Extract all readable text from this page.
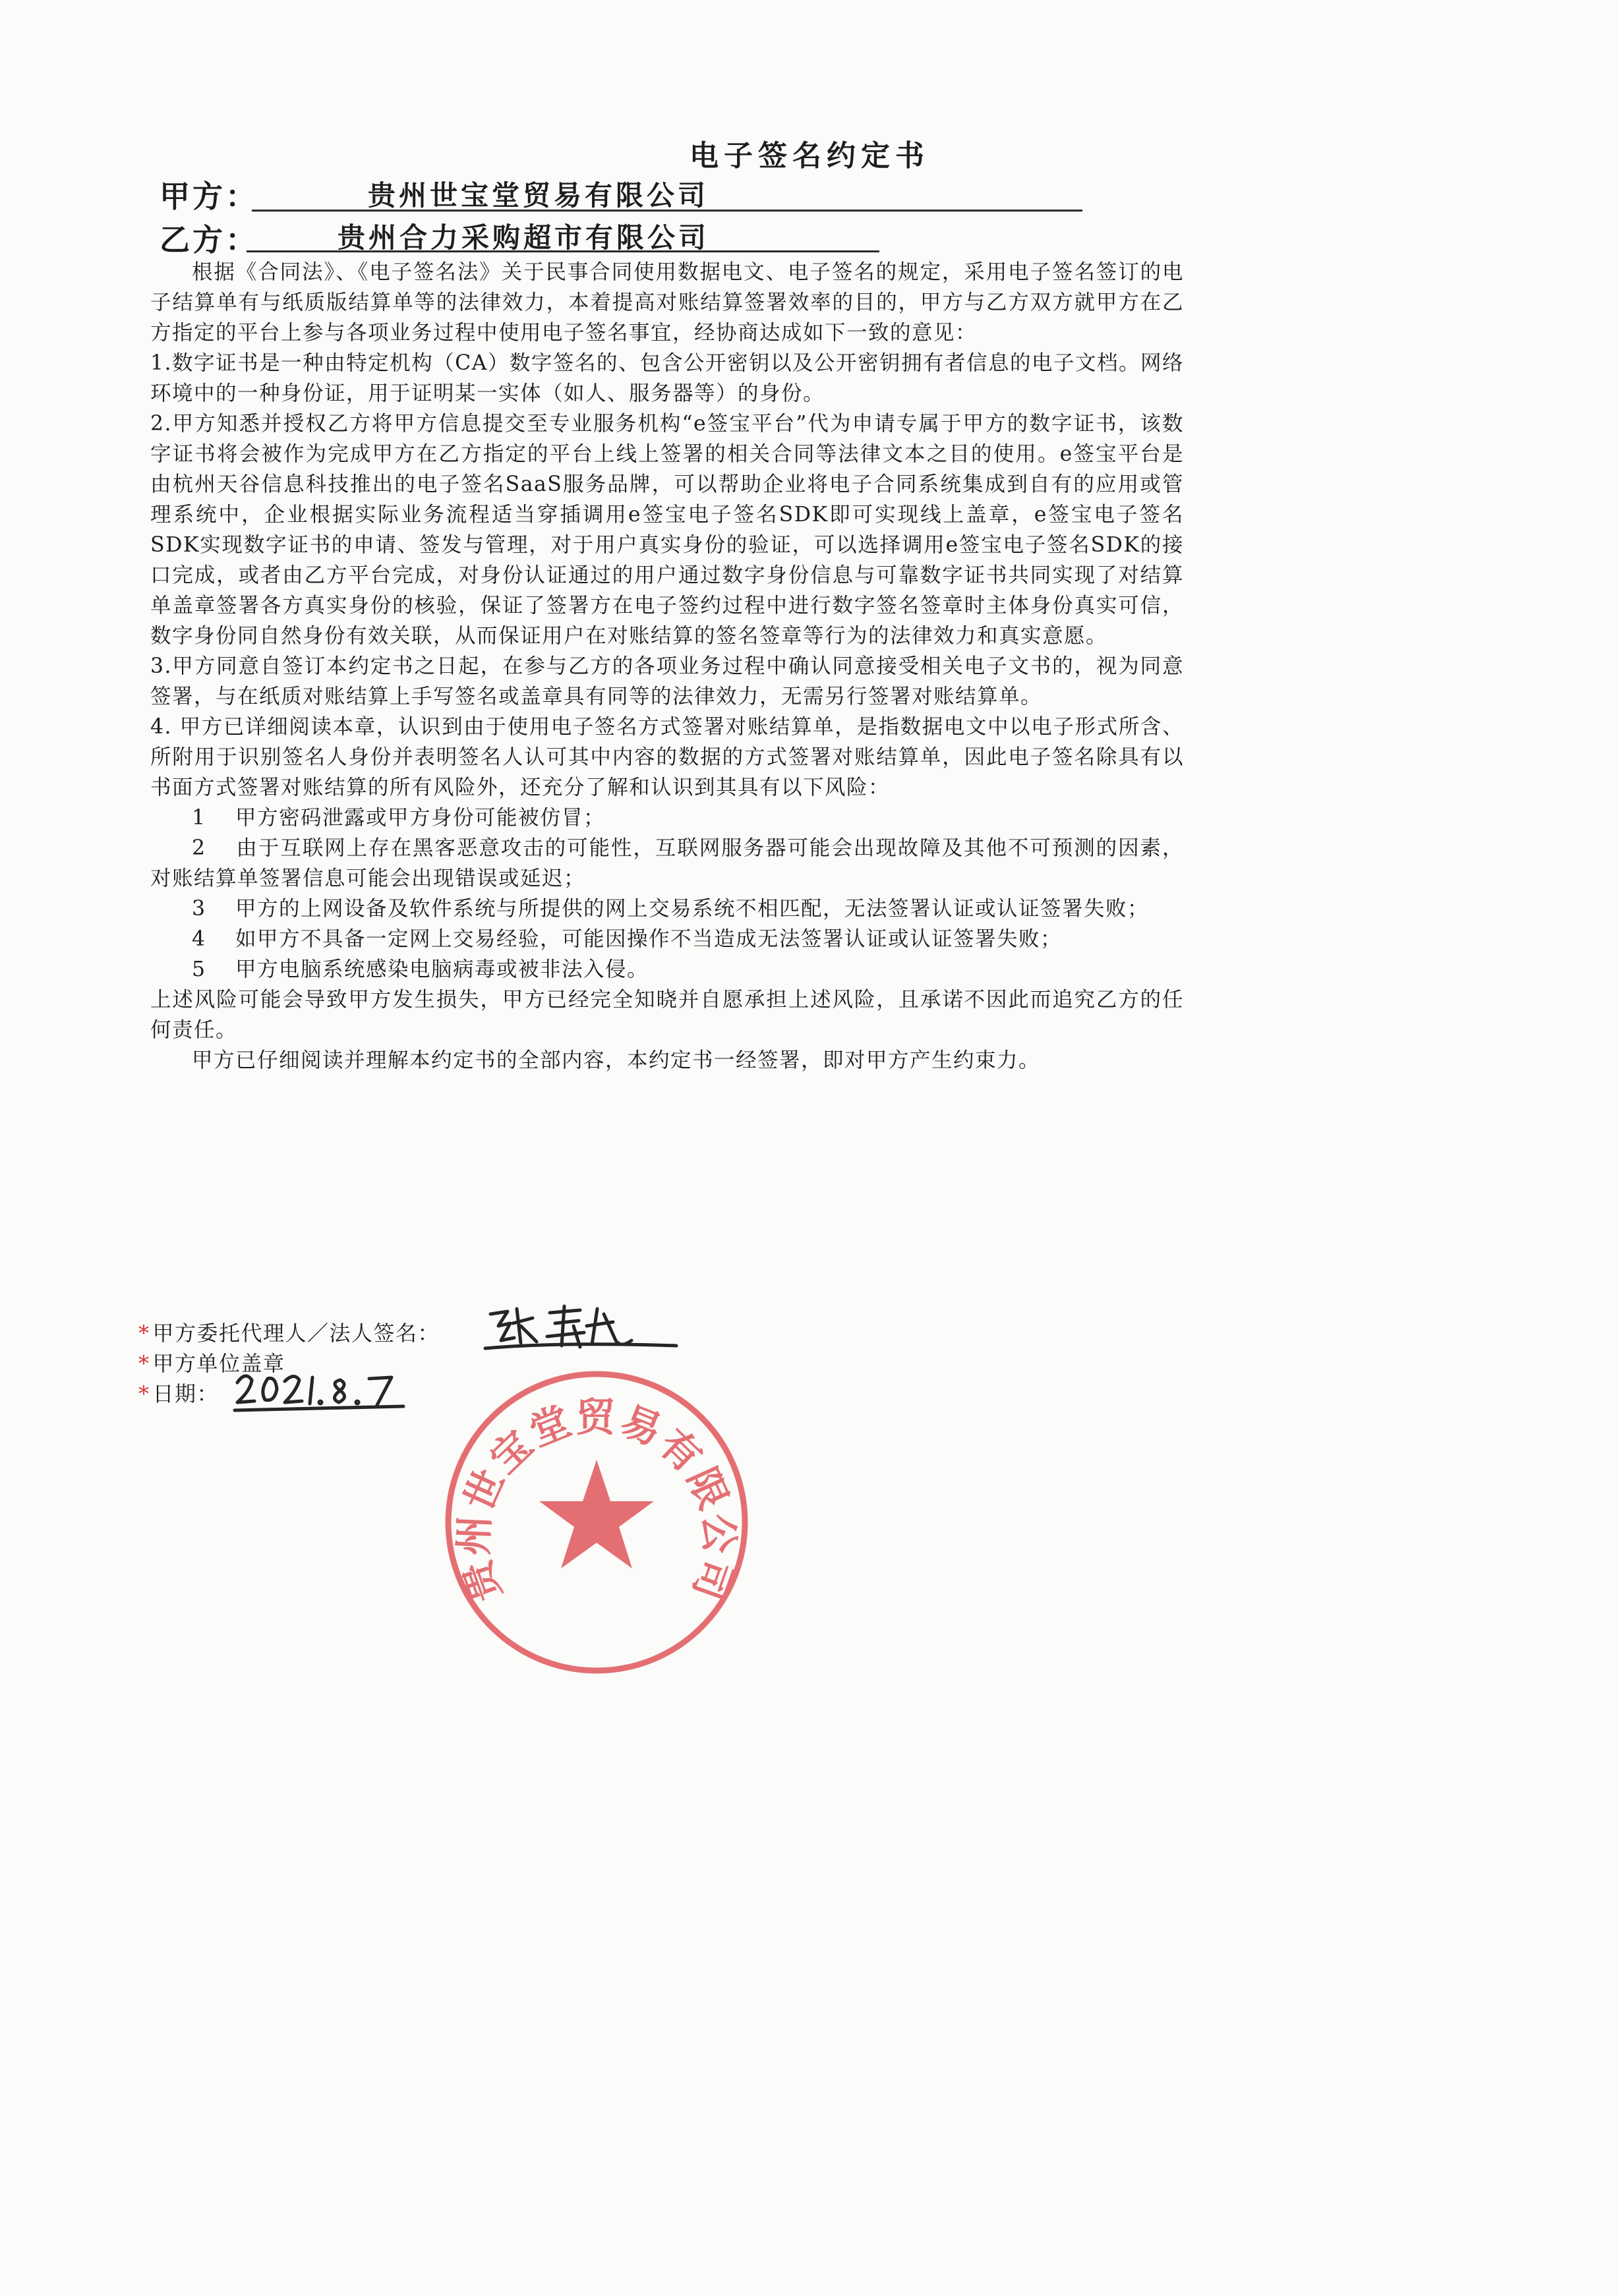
电子签名约定书
甲方：	贵州世宝堂贸易有限公司
乙方：	贵州合力采购超市有限公司

根据《合同法》、《电子签名法》关于民事合同使用数据电文、电子签名的规定，采用电子签名签订的电子结算单有与纸质版结算单等的法律效力，本着提高对账结算签署效率的目的，甲方与乙方双方就甲方在乙方指定的平台上参与各项业务过程中使用电子签名事宜，经协商达成如下一致的意见：

1.数字证书是一种由特定机构（CA）数字签名的、包含公开密钥以及公开密钥拥有者信息的电子文档。网络环境中的一种身份证，用于证明某一实体（如人、服务器等）的身份。

2.甲方知悉并授权乙方将甲方信息提交至专业服务机构“e签宝平台”代为申请专属于甲方的数字证书，该数字证书将会被作为完成甲方在乙方指定的平台上线上签署的相关合同等法律文本之目的使用。e签宝平台是由杭州天谷信息科技推出的电子签名SaaS服务品牌，可以帮助企业将电子合同系统集成到自有的应用或管理系统中，企业根据实际业务流程适当穿插调用e签宝电子签名SDK即可实现线上盖章，e签宝电子签名SDK实现数字证书的申请、签发与管理，对于用户真实身份的验证，可以选择调用e签宝电子签名SDK的接口完成，或者由乙方平台完成，对身份认证通过的用户通过数字身份信息与可靠数字证书共同实现了对结算单盖章签署各方真实身份的核验，保证了签署方在电子签约过程中进行数字签名签章时主体身份真实可信，数字身份同自然身份有效关联，从而保证用户在对账结算的签名签章等行为的法律效力和真实意愿。

3.甲方同意自签订本约定书之日起，在参与乙方的各项业务过程中确认同意接受相关电子文书的，视为同意签署，与在纸质对账结算上手写签名或盖章具有同等的法律效力，无需另行签署对账结算单。

4. 甲方已详细阅读本章，认识到由于使用电子签名方式签署对账结算单，是指数据电文中以电子形式所含、所附用于识别签名人身份并表明签名人认可其中内容的数据的方式签署对账结算单，因此电子签名除具有以书面方式签署对账结算的所有风险外，还充分了解和认识到其具有以下风险：

1　 甲方密码泄露或甲方身份可能被仿冒；

2　 由于互联网上存在黑客恶意攻击的可能性，互联网服务器可能会出现故障及其他不可预测的因素，对账结算单签署信息可能会出现错误或延迟；

3　 甲方的上网设备及软件系统与所提供的网上交易系统不相匹配，无法签署认证或认证签署失败；

4　 如甲方不具备一定网上交易经验，可能因操作不当造成无法签署认证或认证签署失败；

5　 甲方电脑系统感染电脑病毒或被非法入侵。

上述风险可能会导致甲方发生损失，甲方已经完全知晓并自愿承担上述风险，且承诺不因此而追究乙方的任何责任。

甲方已仔细阅读并理解本约定书的全部内容，本约定书一经签署，即对甲方产生约束力。

* 甲方委托代理人／法人签名：
* 甲方单位盖章
* 日期：
贵州世宝堂贸易有限公司
